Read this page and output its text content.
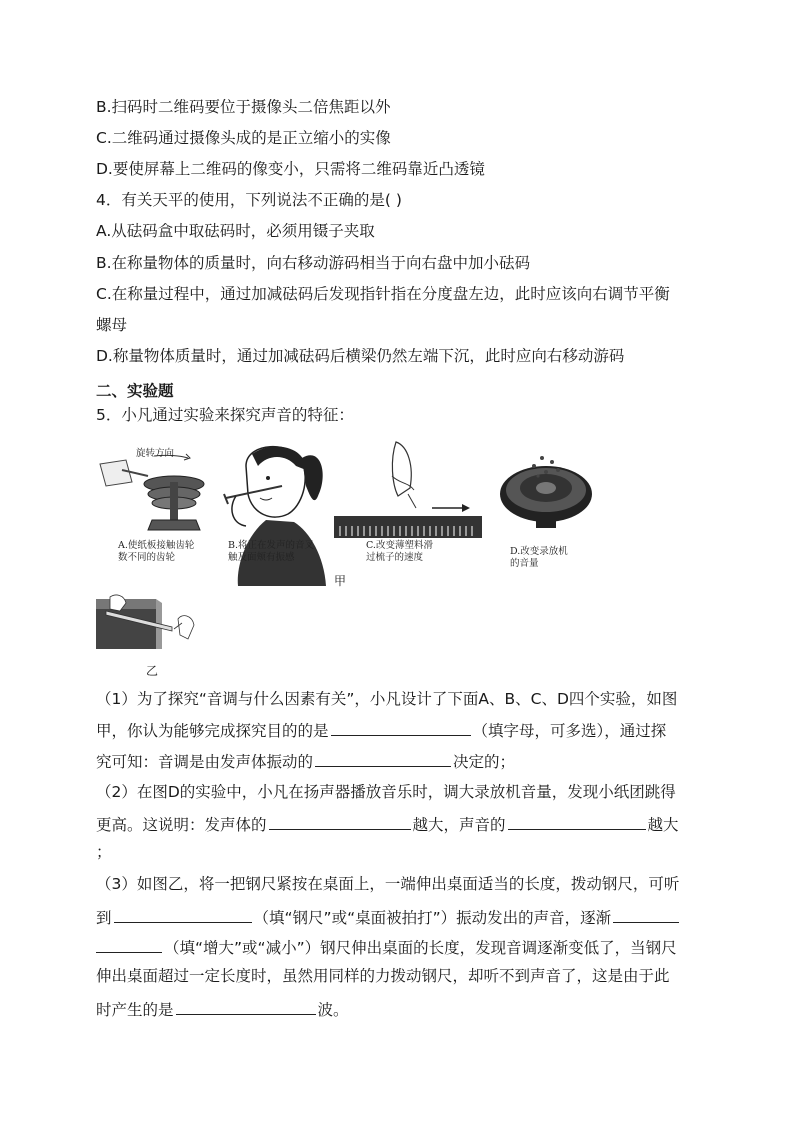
B.扫码时二维码要位于摄像头二倍焦距以外
C.二维码通过摄像头成的是正立缩小的实像
D.要使屏幕上二维码的像变小，只需将二维码靠近凸透镜
4．有关天平的使用，下列说法不正确的是( )
A.从砝码盒中取砝码时，必须用镊子夹取
B.在称量物体的质量时，向右移动游码相当于向右盘中加小砝码
C.在称量过程中，通过加减砝码后发现指针指在分度盘左边，此时应该向右调节平衡
螺母
D.称量物体质量时，通过加减砝码后横梁仍然左端下沉，此时应向右移动游码
二、实验题
5．小凡通过实验来探究声音的特征：
旋转方向
A.使纸板接触齿轮
数不同的齿轮
B.将正在发声的音叉
触及面颊有振感
C.改变薄塑料滑
过梳子的速度
D.改变录放机
的音量
甲
乙
（1）为了探究“音调与什么因素有关”，小凡设计了下面A、B、C、D四个实验，如图
甲，你认为能够完成探究目的的是	（填字母，可多选），通过探
究可知：音调是由发声体振动的	决定的；
（2）在图D的实验中，小凡在扬声器播放音乐时，调大录放机音量，发现小纸团跳得
更高。这说明：发声体的	越大，声音的	越大
；
（3）如图乙，将一把钢尺紧按在桌面上，一端伸出桌面适当的长度，拨动钢尺，可听
到	（填“钢尺”或“桌面被拍打”）振动发出的声音，逐渐
（填“增大”或“减小”）钢尺伸出桌面的长度，发现音调逐渐变低了，当钢尺
伸出桌面超过一定长度时，虽然用同样的力拨动钢尺，却听不到声音了，这是由于此
时产生的是	波。
